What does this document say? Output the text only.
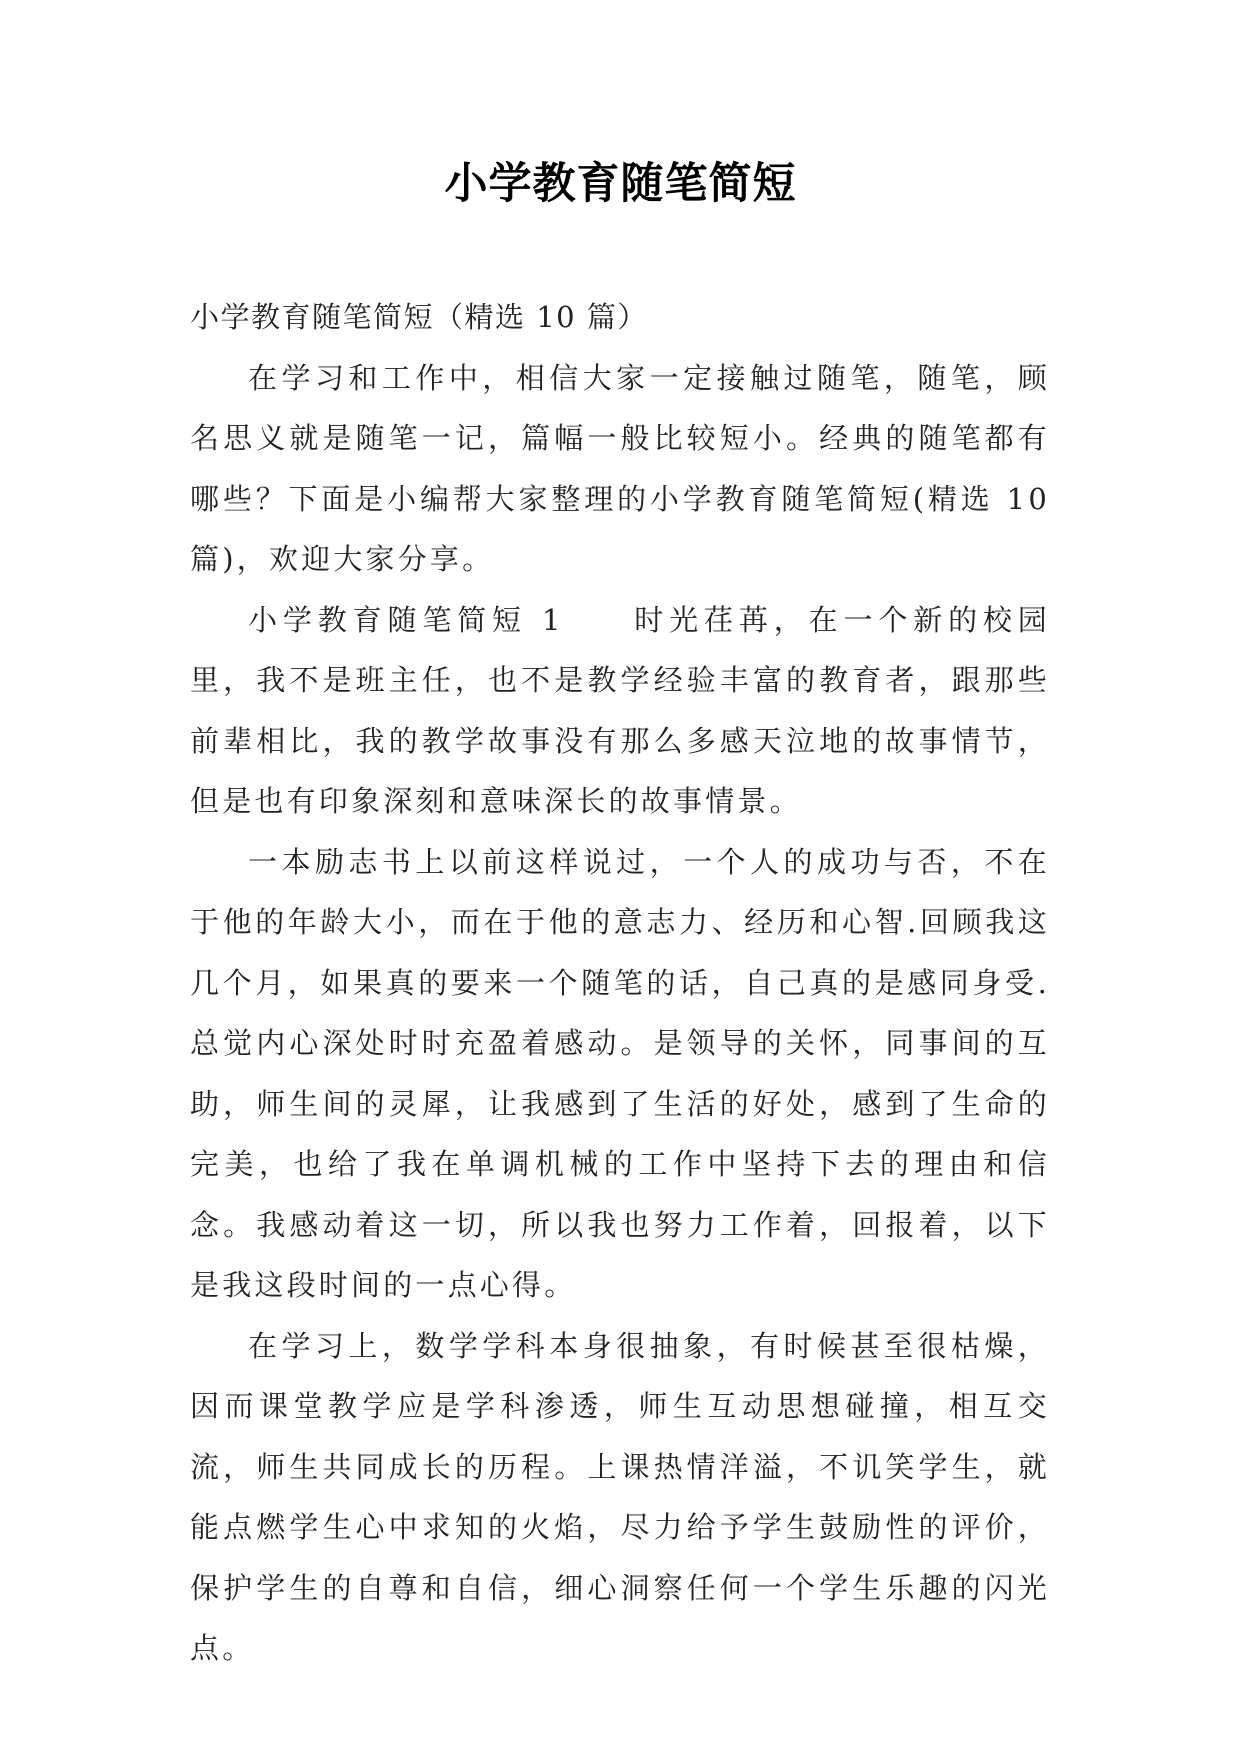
小学教育随笔简短

小学教育随笔简短（精选 10 篇）

在学习和工作中，相信大家一定接触过随笔，随笔，顾名思义就是随笔一记，篇幅一般比较短小。经典的随笔都有哪些？下面是小编帮大家整理的小学教育随笔简短(精选 10 篇)，欢迎大家分享。

小学教育随笔简短 1 时光荏苒，在一个新的校园里，我不是班主任，也不是教学经验丰富的教育者，跟那些前辈相比，我的教学故事没有那么多感天泣地的故事情节，但是也有印象深刻和意味深长的故事情景。

一本励志书上以前这样说过，一个人的成功与否，不在于他的年龄大小，而在于他的意志力、经历和心智.回顾我这几个月，如果真的要来一个随笔的话，自己真的是感同身受.总觉内心深处时时充盈着感动。是领导的关怀，同事间的互助，师生间的灵犀，让我感到了生活的好处，感到了生命的完美，也给了我在单调机械的工作中坚持下去的理由和信念。我感动着这一切，所以我也努力工作着，回报着，以下是我这段时间的一点心得。

在学习上，数学学科本身很抽象，有时候甚至很枯燥，因而课堂教学应是学科渗透，师生互动思想碰撞，相互交流，师生共同成长的历程。上课热情洋溢，不讥笑学生，就能点燃学生心中求知的火焰，尽力给予学生鼓励性的评价，保护学生的自尊和自信，细心洞察任何一个学生乐趣的闪光点。
